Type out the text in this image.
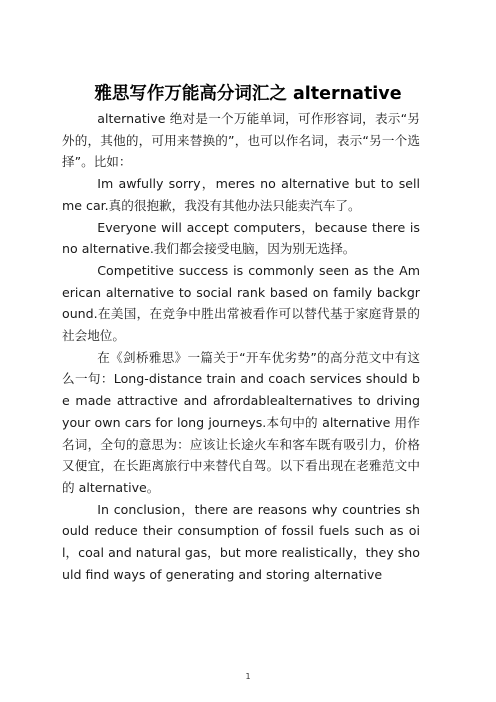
雅思写作万能高分词汇之 alternative

alternative 绝对是一个万能单词，可作形容词，表示“另外的，其他的，可用来替换的”，也可以作名词，表示“另一个选择”。比如：

Im awfully sorry，meres no alternative but to sell me car.真的很抱歉，我没有其他办法只能卖汽车了。

Everyone will accept computers，because there is no alternative.我们都会接受电脑，因为别无选择。

Competitive success is commonly seen as the American alternative to social rank based on family background.在美国，在竞争中胜出常被看作可以替代基于家庭背景的社会地位。

在《剑桥雅思》一篇关于“开车优劣势”的高分范文中有这么一句：Long-distance train and coach services should be made attractive and afrordablealternatives to driving your own cars for long journeys.本句中的 alternative 用作名词，全句的意思为：应该让长途火车和客车既有吸引力，价格又便宜，在长距离旅行中来替代自驾。以下看出现在老雅范文中的 alternative。

In conclusion，there are reasons why countries should reduce their consumption of fossil fuels such as oil，coal and natural gas，but more realistically，they should find ways of generating and storing alternative

1
